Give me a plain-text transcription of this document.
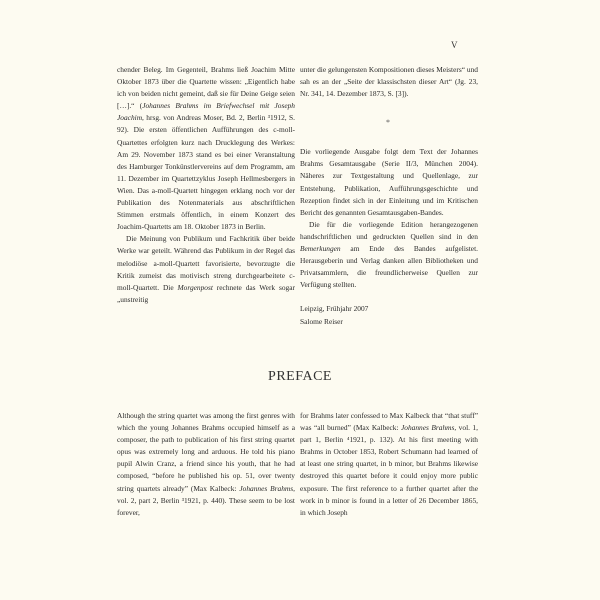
V

chender Beleg. Im Gegenteil, Brahms ließ Joachim Mitte Oktober 1873 über die Quartette wissen: „Eigentlich habe ich von beiden nicht gemeint, daß sie für Deine Geige seien […].“ (Johannes Brahms im Briefwechsel mit Joseph Joachim, hrsg. von Andreas Moser, Bd. 2, Berlin ³1912, S. 92). Die ersten öffentlichen Aufführungen des c-moll-Quartettes erfolgten kurz nach Drucklegung des Werkes: Am 29. November 1873 stand es bei einer Veranstaltung des Hamburger Tonkünstlervereins auf dem Programm, am 11. Dezember im Quartettzyklus Joseph Hellmesbergers in Wien. Das a-moll-Quartett hingegen erklang noch vor der Publikation des Notenmaterials aus abschriftlichen Stimmen erstmals öffentlich, in einem Konzert des Joachim-Quartetts am 18. Oktober 1873 in Berlin.

Die Meinung von Publikum und Fachkritik über beide Werke war geteilt. Während das Publikum in der Regel das melodiöse a-moll-Quartett favorisierte, bevorzugte die Kritik zumeist das motivisch streng durchgearbeitete c-moll-Quartett. Die Morgenpost rechnete das Werk sogar „unstreitig

unter die gelungensten Kompositionen dieses Meisters“ und sah es an der „Seite der klassischsten dieser Art“ (Jg. 23, Nr. 341, 14. Dezember 1873, S. [3]).

Die vorliegende Ausgabe folgt dem Text der Johannes Brahms Gesamtausgabe (Serie II/3, München 2004). Näheres zur Textgestaltung und Quellenlage, zur Entstehung, Publikation, Aufführungsgeschichte und Rezeption findet sich in der Einleitung und im Kritischen Bericht des genannten Gesamtausgaben-Bandes.

Die für die vorliegende Edition herangezogenen handschriftlichen und gedruckten Quellen sind in den Bemerkungen am Ende des Bandes aufgelistet. Herausgeberin und Verlag danken allen Bibliotheken und Privatsammlern, die freundlicherweise Quellen zur Verfügung stellten.

Leipzig, Frühjahr 2007

Salome Reiser

*
PREFACE

Although the string quartet was among the first genres with which the young Johannes Brahms occupied himself as a composer, the path to publication of his first string quartet opus was extremely long and arduous. He told his piano pupil Alwin Cranz, a friend since his youth, that he had composed, “before he published his op. 51, over twenty string quartets already” (Max Kalbeck: Johannes Brahms, vol. 2, part 2, Berlin ³1921, p. 440). These seem to be lost forever,

for Brahms later confessed to Max Kalbeck that “that stuff” was “all burned” (Max Kalbeck: Johannes Brahms, vol. 1, part 1, Berlin ⁴1921, p. 132). At his first meeting with Brahms in October 1853, Robert Schumann had learned of at least one string quartet, in b minor, but Brahms likewise destroyed this quartet before it could enjoy more public exposure. The first reference to a further quartet after the work in b minor is found in a letter of 26 December 1865, in which Joseph
